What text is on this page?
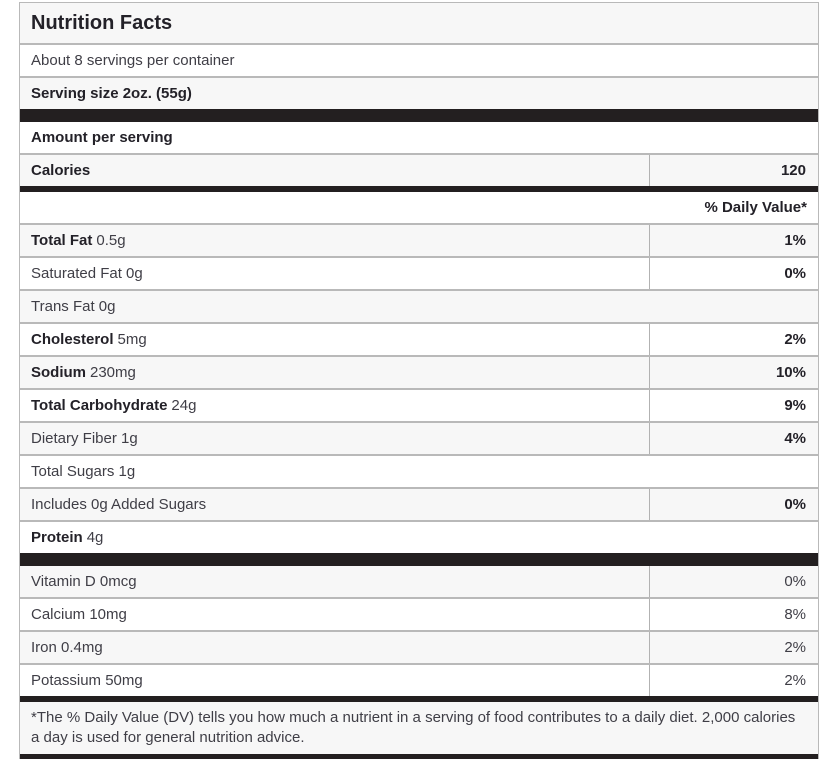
Nutrition Facts
About 8 servings per container
Serving size 2oz. (55g)
Amount per serving
Calories	120
% Daily Value*
Total Fat 0.5g	1%
Saturated Fat 0g	0%
Trans Fat 0g
Cholesterol 5mg	2%
Sodium 230mg	10%
Total Carbohydrate 24g	9%
Dietary Fiber 1g	4%
Total Sugars 1g
Includes 0g Added Sugars	0%
Protein 4g
Vitamin D 0mcg	0%
Calcium 10mg	8%
Iron 0.4mg	2%
Potassium 50mg	2%
*The % Daily Value (DV) tells you how much a nutrient in a serving of food contributes to a daily diet. 2,000 calories a day is used for general nutrition advice.
